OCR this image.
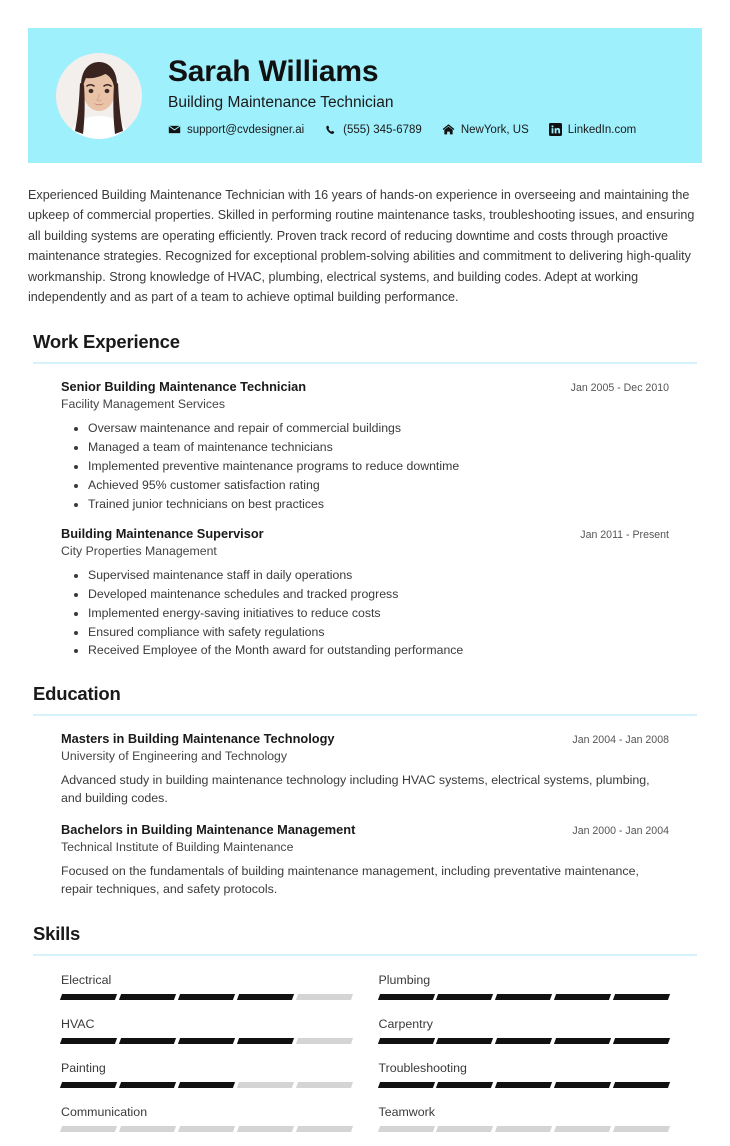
Sarah Williams
Building Maintenance Technician
support@cvdesigner.ai	(555) 345-6789	NewYork, US	LinkedIn.com
Experienced Building Maintenance Technician with 16 years of hands-on experience in overseeing and maintaining the upkeep of commercial properties. Skilled in performing routine maintenance tasks, troubleshooting issues, and ensuring all building systems are operating efficiently. Proven track record of reducing downtime and costs through proactive maintenance strategies. Recognized for exceptional problem-solving abilities and commitment to delivering high-quality workmanship. Strong knowledge of HVAC, plumbing, electrical systems, and building codes. Adept at working independently and as part of a team to achieve optimal building performance.
Work Experience
Senior Building Maintenance Technician	Jan 2005 - Dec 2010
Facility Management Services
• Oversaw maintenance and repair of commercial buildings
• Managed a team of maintenance technicians
• Implemented preventive maintenance programs to reduce downtime
• Achieved 95% customer satisfaction rating
• Trained junior technicians on best practices
Building Maintenance Supervisor	Jan 2011 - Present
City Properties Management
• Supervised maintenance staff in daily operations
• Developed maintenance schedules and tracked progress
• Implemented energy-saving initiatives to reduce costs
• Ensured compliance with safety regulations
• Received Employee of the Month award for outstanding performance
Education
Masters in Building Maintenance Technology	Jan 2004 - Jan 2008
University of Engineering and Technology
Advanced study in building maintenance technology including HVAC systems, electrical systems, plumbing, and building codes.
Bachelors in Building Maintenance Management	Jan 2000 - Jan 2004
Technical Institute of Building Maintenance
Focused on the fundamentals of building maintenance management, including preventative maintenance, repair techniques, and safety protocols.
Skills
Electrical	Plumbing
HVAC	Carpentry
Painting	Troubleshooting
Communication	Teamwork
